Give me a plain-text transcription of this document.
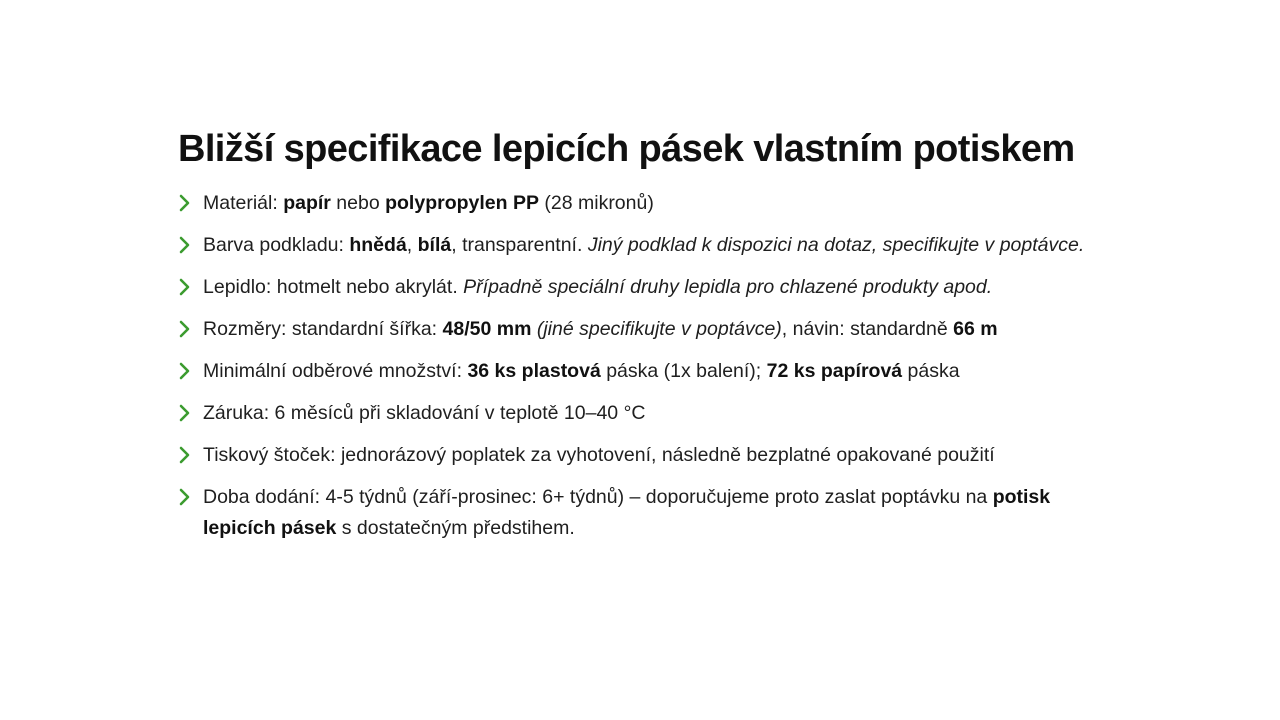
Bližší specifikace lepicích pásek vlastním potiskem
Materiál: papír nebo polypropylen PP (28 mikronů)
Barva podkladu: hnědá, bílá, transparentní. Jiný podklad k dispozici na dotaz, specifikujte v poptávce.
Lepidlo: hotmelt nebo akrylát. Případně speciální druhy lepidla pro chlazené produkty apod.
Rozměry: standardní šířka: 48/50 mm (jiné specifikujte v poptávce), návin: standardně 66 m
Minimální odběrové množství: 36 ks plastová páska (1x balení); 72 ks papírová páska
Záruka: 6 měsíců při skladování v teplotě 10–40 °C
Tiskový štoček: jednorázový poplatek za vyhotovení, následně bezplatné opakované použití
Doba dodání: 4-5 týdnů (září-prosinec: 6+ týdnů) – doporučujeme proto zaslat poptávku na potisk lepicích pásek s dostatečným předstihem.
